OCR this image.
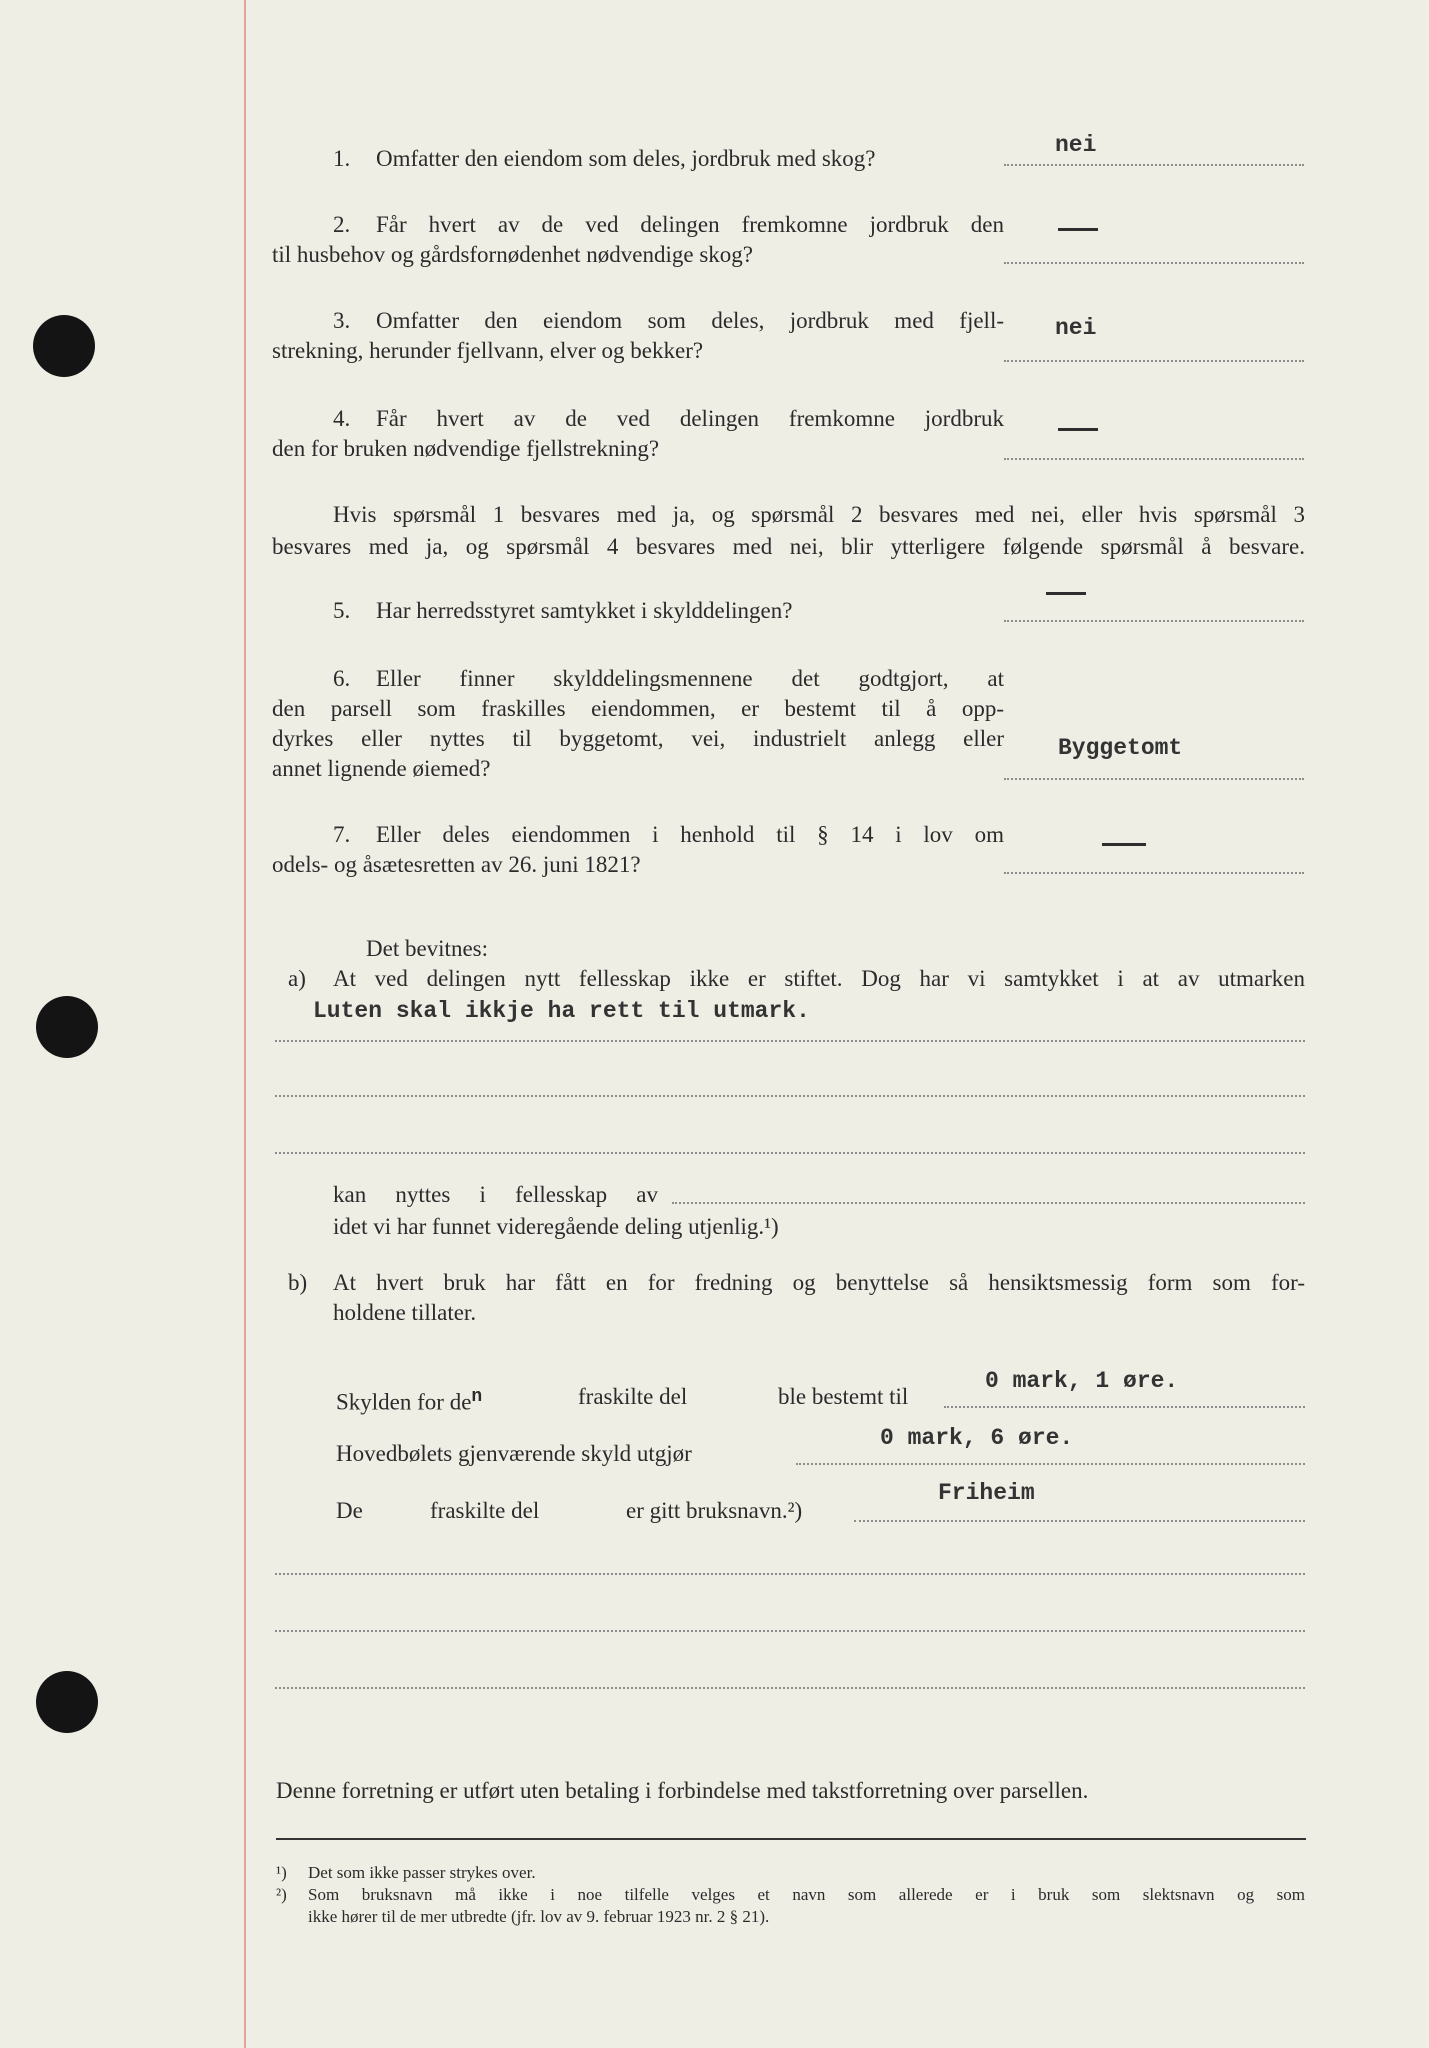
1. Omfatter den eiendom som deles, jordbruk med skog?
nei
2. Får hvert av de ved delingen fremkomne jordbruk den
til husbehov og gårdsfornødenhet nødvendige skog?
3. Omfatter den eiendom som deles, jordbruk med fjell-
strekning, herunder fjellvann, elver og bekker?
nei
4. Får hvert av de ved delingen fremkomne jordbruk
den for bruken nødvendige fjellstrekning?
Hvis spørsmål 1 besvares med ja, og spørsmål 2 besvares med nei, eller hvis spørsmål 3
besvares med ja, og spørsmål 4 besvares med nei, blir ytterligere følgende spørsmål å besvare.
5. Har herredsstyret samtykket i skylddelingen?
6. Eller finner skylddelingsmennene det godtgjort, at
den parsell som fraskilles eiendommen, er bestemt til å opp-
dyrkes eller nyttes til byggetomt, vei, industrielt anlegg eller
annet lignende øiemed?
Byggetomt
7. Eller deles eiendommen i henhold til § 14 i lov om
odels- og åsætesretten av 26. juni 1821?
Det bevitnes:
a) At ved delingen nytt fellesskap ikke er stiftet. Dog har vi samtykket i at av utmarken
Luten skal ikkje ha rett til utmark.
kan nyttes i fellesskap av
idet vi har funnet videregående deling utjenlig.¹)
b) At hvert bruk har fått en for fredning og benyttelse så hensiktsmessig form som for-
holdene tillater.
Skylden for $de^n$	fraskilte del	ble bestemt til
0 mark, 1 øre.
Hovedbølets gjenværende skyld utgjør
0 mark, 6 øre.
De	fraskilte del	er gitt bruksnavn.²)
Friheim
Denne forretning er utført uten betaling i forbindelse med takstforretning over parsellen.
¹) Det som ikke passer strykes over.
²) Som bruksnavn må ikke i noe tilfelle velges et navn som allerede er i bruk som slektsnavn og som
ikke hører til de mer utbredte (jfr. lov av 9. februar 1923 nr. 2 § 21).
